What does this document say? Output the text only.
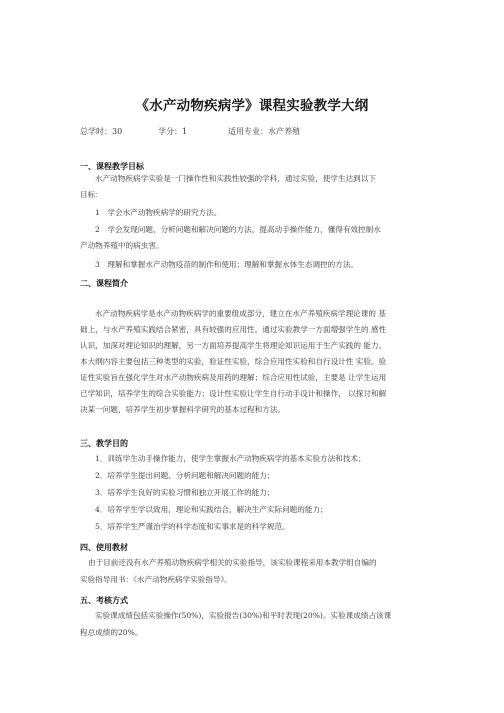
《水产动物疾病学》课程实验教学大纲
总学时：30	学分：1	适用专业：水产养殖
一、课程教学目标
水产动物疾病学实验是一门操作性和实践性较强的学科，通过实验，使学生达到以下
目标：
1　学会水产动物疾病学的研究方法。
2　学会发现问题、分析问题和解决问题的方法，提高动手操作能力，懂得有效控制水
产动物养殖中的病虫害。
3　理解和掌握水产动物疫苗的制作和使用；理解和掌握水体生态调控的方法。
二、课程简介
水产动物疾病学是水产动物疾病学的重要组成部分，建立在水产养殖疾病学理论课的 基
础上，与水产养殖实践结合紧密，具有较强的应用性。通过实验教学一方面增强学生的 感性
认识，加深对理论知识的理解，另一方面培养提高学生将理论知识运用于生产实践的 能力。
本大纲内容主要包括三种类型的实验，验证性实验，综合应用性实验和自行设计性 实验。验
证性实验旨在强化学生对水产动物疾病及用药的理解；综合应用性试验，主要是 让学生运用
已学知识，培养学生的综合实验能力；设计性实验让学生自行动手设计和操作， 以探讨和解
决某一问题，培养学生初步掌握科学研究的基本过程和方法。
三、教学目的
1．训练学生动手操作能力，使学生掌握水产动物疾病学的基本实验方法和技术；
2．培养学生提出问题、分析问题和解决问题的能力；
3．培养学生良好的实验习惯和独立开展工作的能力；
4．培养学生学以致用，理论和实践结合，解决生产实际问题的能力；
5．培养学生严谨治学的科学态度和实事求是的科学规范。
四、使用教材
由于目前还没有水产养殖动物疾病学相关的实验指导，该实验课程采用本教学组自编的
实验指导用书：《水产动物疾病学实验指导》。
五、考核方式
实验课成绩包括实验操作(50%)，实验报告(30%)和平时表现(20%)。实验课成绩占该课
程总成绩的20%。
